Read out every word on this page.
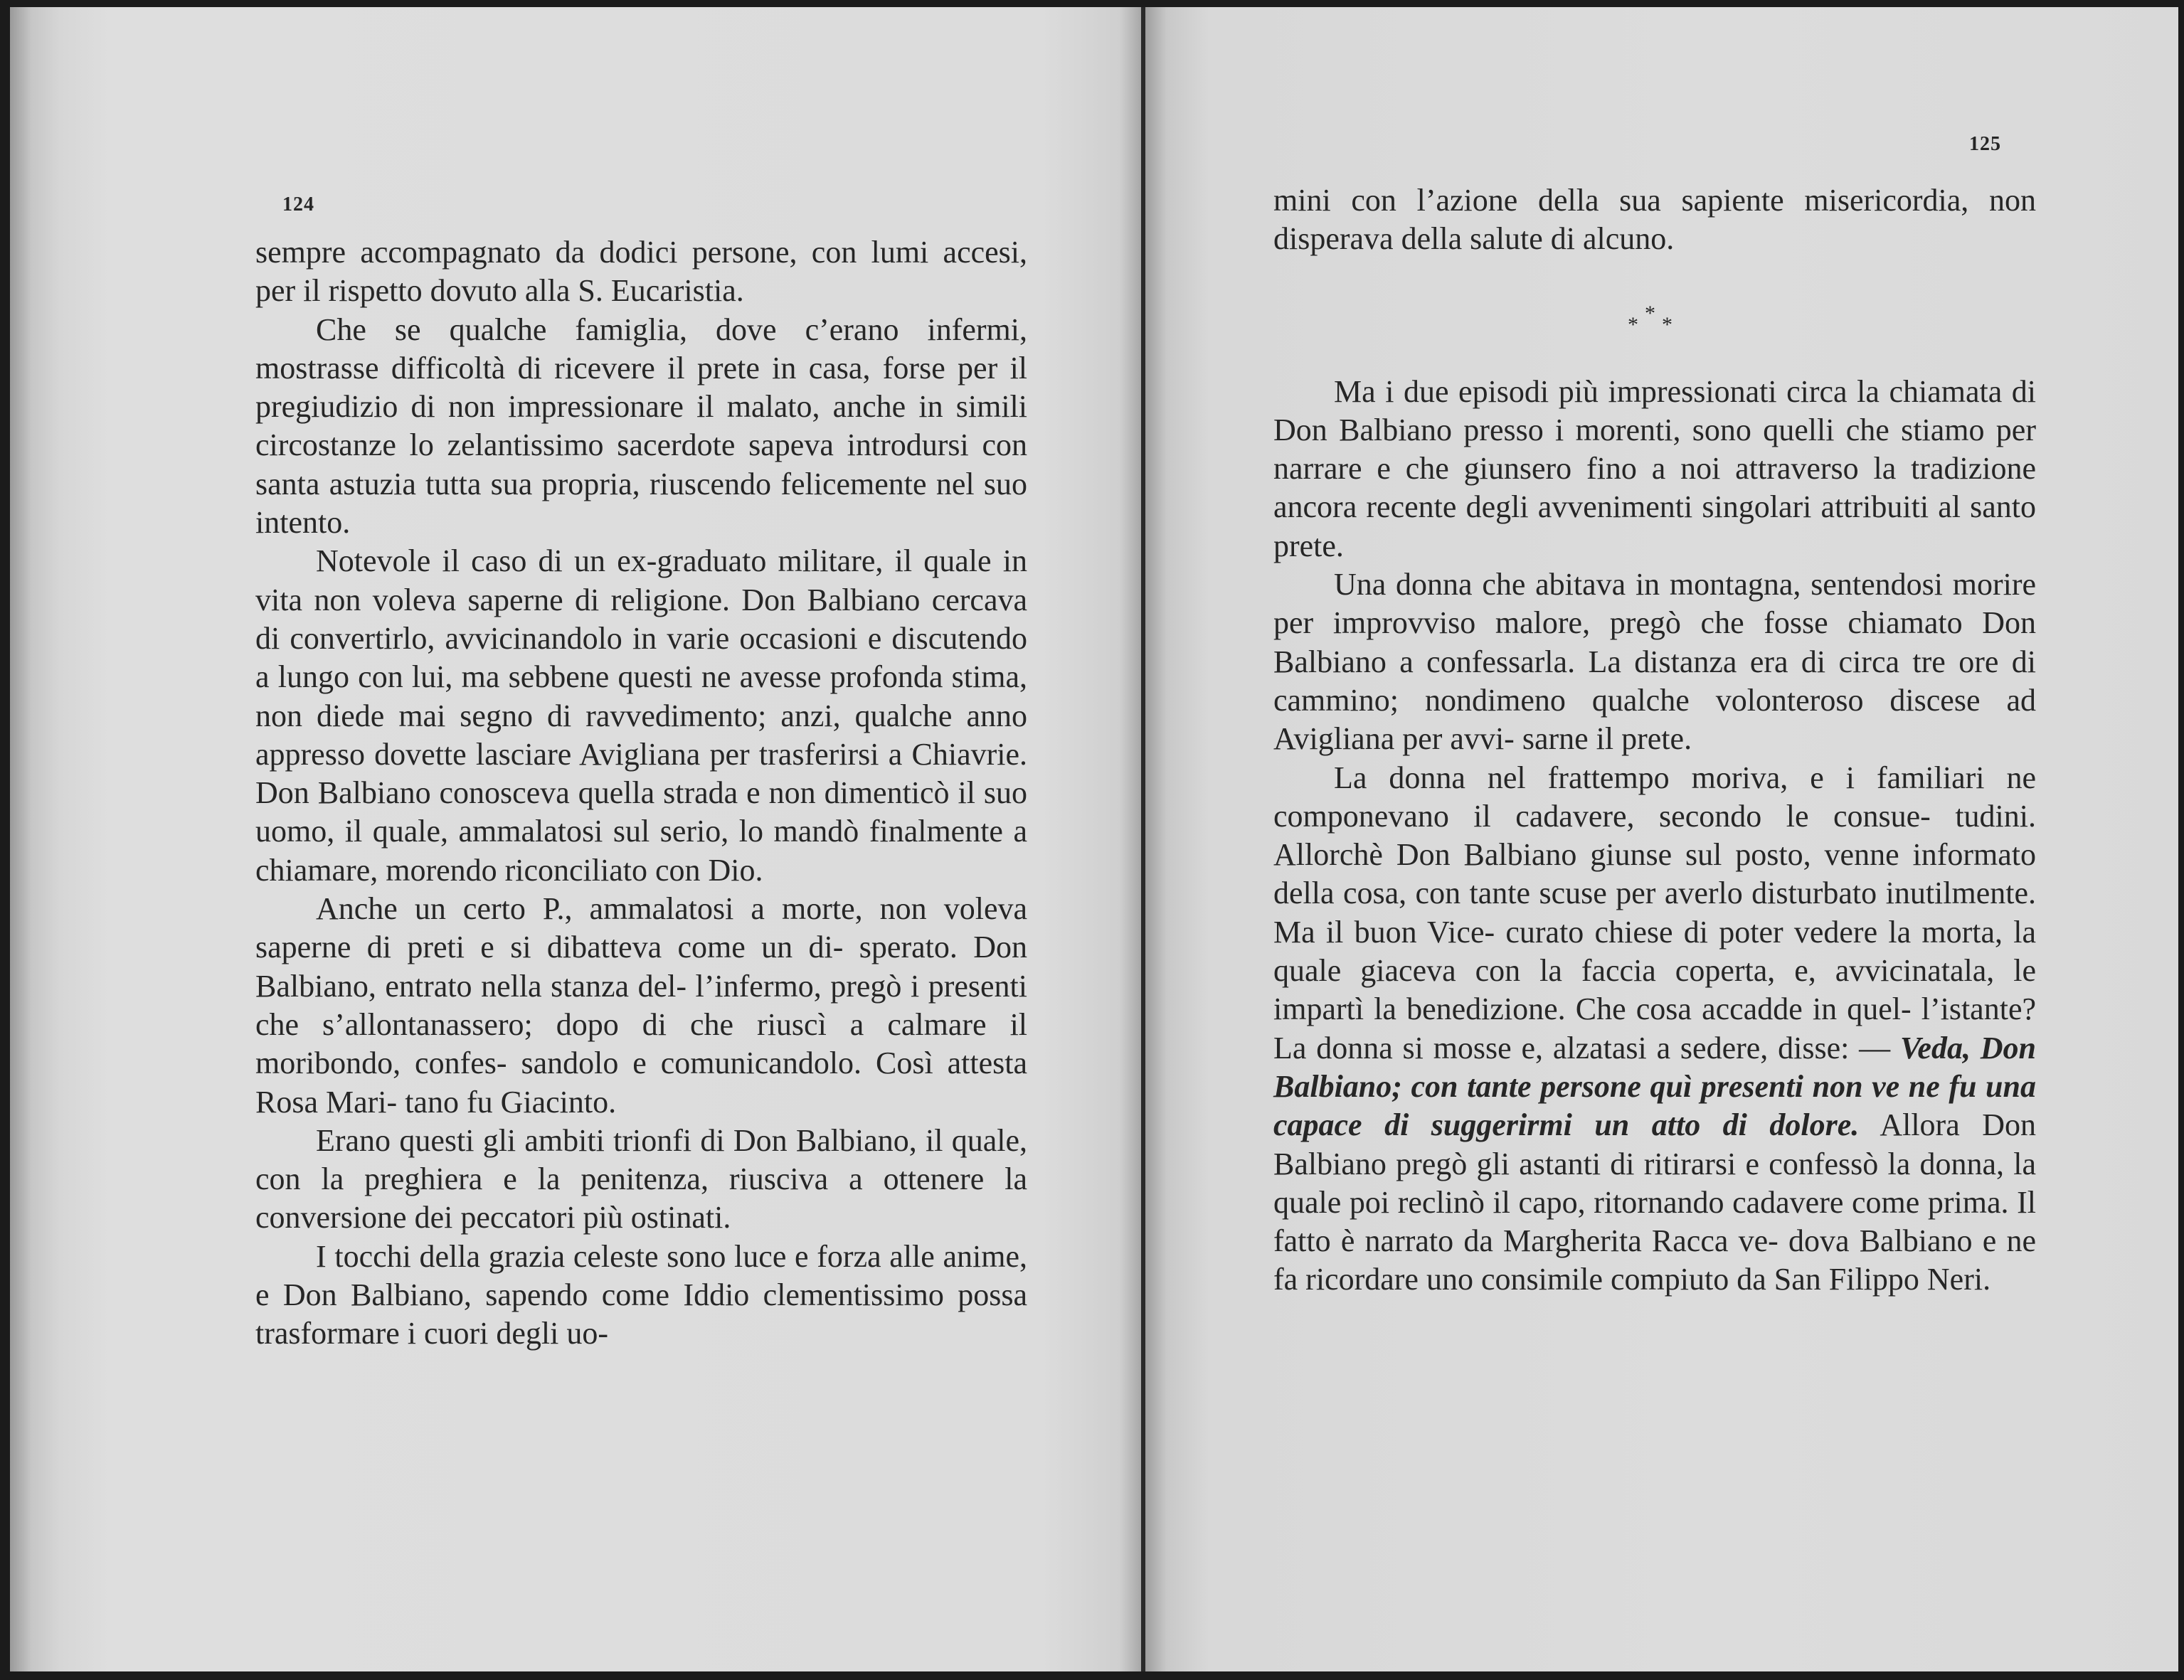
124

sempre accompagnato da dodici persone, con lumi accesi, per il rispetto dovuto alla S. Eucaristia.

Che se qualche famiglia, dove c’erano infermi, mostrasse difficoltà di ricevere il prete in casa, forse per il pregiudizio di non impressionare il malato, anche in simili circostanze lo zelantissimo sacerdote sapeva introdursi con santa astuzia tutta sua propria, riuscendo felicemente nel suo intento.

Notevole il caso di un ex-graduato militare, il quale in vita non voleva saperne di religione. Don Balbiano cercava di convertirlo, avvicinandolo in varie occasioni e discutendo a lungo con lui, ma sebbene questi ne avesse profonda stima, non diede mai segno di ravvedimento; anzi, qualche anno appresso dovette lasciare Avigliana per trasferirsi a Chiavrie. Don Balbiano conosceva quella strada e non dimenticò il suo uomo, il quale, ammalatosi sul serio, lo mandò finalmente a chiamare, morendo riconciliato con Dio.

Anche un certo P., ammalatosi a morte, non voleva saperne di preti e si dibatteva come un di- sperato. Don Balbiano, entrato nella stanza del- l’infermo, pregò i presenti che s’allontanassero; dopo di che riuscì a calmare il moribondo, confes- sandolo e comunicandolo. Così attesta Rosa Mari- tano fu Giacinto.

Erano questi gli ambiti trionfi di Don Balbiano, il quale, con la preghiera e la penitenza, riusciva a ottenere la conversione dei peccatori più ostinati.

I tocchi della grazia celeste sono luce e forza alle anime, e Don Balbiano, sapendo come Iddio clementissimo possa trasformare i cuori degli uo-

125

mini con l’azione della sua sapiente misericordia, non disperava della salute di alcuno.

*
* *

Ma i due episodi più impressionati circa la chiamata di Don Balbiano presso i morenti, sono quelli che stiamo per narrare e che giunsero fino a noi attraverso la tradizione ancora recente degli avvenimenti singolari attribuiti al santo prete.

Una donna che abitava in montagna, sentendosi morire per improvviso malore, pregò che fosse chiamato Don Balbiano a confessarla. La distanza era di circa tre ore di cammino; nondimeno qualche volonteroso discese ad Avigliana per avvi- sarne il prete.

La donna nel frattempo moriva, e i familiari ne componevano il cadavere, secondo le consue- tudini. Allorchè Don Balbiano giunse sul posto, venne informato della cosa, con tante scuse per averlo disturbato inutilmente. Ma il buon Vice- curato chiese di poter vedere la morta, la quale giaceva con la faccia coperta, e, avvicinatala, le impartì la benedizione. Che cosa accadde in quel- l’istante? La donna si mosse e, alzatasi a sedere, disse: — Veda, Don Balbiano; con tante persone quì presenti non ve ne fu una capace di suggerirmi un atto di dolore. Allora Don Balbiano pregò gli astanti di ritirarsi e confessò la donna, la quale poi reclinò il capo, ritornando cadavere come prima. Il fatto è narrato da Margherita Racca ve- dova Balbiano e ne fa ricordare uno consimile compiuto da San Filippo Neri.
